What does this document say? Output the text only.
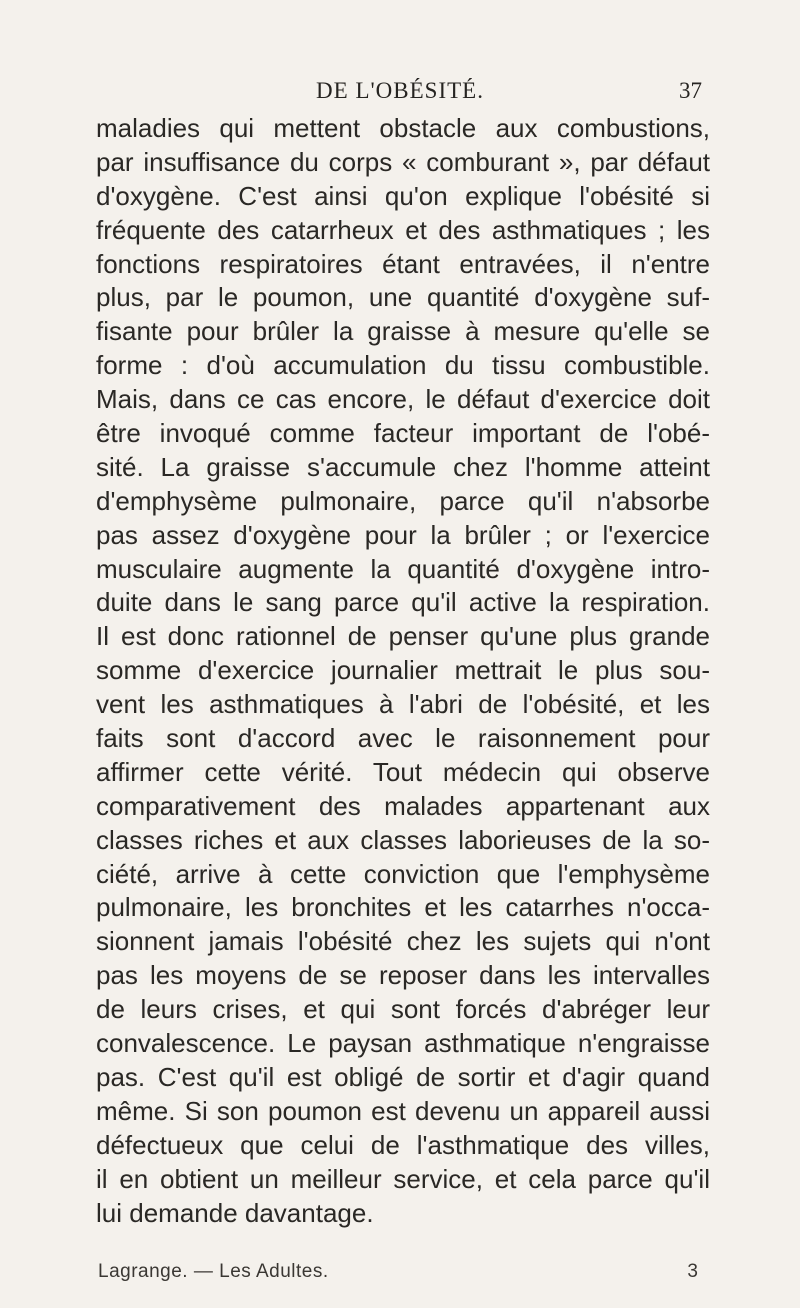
DE L'OBÉSITÉ.	37
maladies qui mettent obstacle aux combustions,
par insuffisance du corps « comburant », par défaut
d'oxygène. C'est ainsi qu'on explique l'obésité si
fréquente des catarrheux et des asthmatiques ; les
fonctions respiratoires étant entravées, il n'entre
plus, par le poumon, une quantité d'oxygène suf-
fisante pour brûler la graisse à mesure qu'elle se
forme : d'où accumulation du tissu combustible.
Mais, dans ce cas encore, le défaut d'exercice doit
être invoqué comme facteur important de l'obé-
sité. La graisse s'accumule chez l'homme atteint
d'emphysème pulmonaire, parce qu'il n'absorbe
pas assez d'oxygène pour la brûler ; or l'exercice
musculaire augmente la quantité d'oxygène intro-
duite dans le sang parce qu'il active la respiration.
Il est donc rationnel de penser qu'une plus grande
somme d'exercice journalier mettrait le plus sou-
vent les asthmatiques à l'abri de l'obésité, et les
faits sont d'accord avec le raisonnement pour
affirmer cette vérité. Tout médecin qui observe
comparativement des malades appartenant aux
classes riches et aux classes laborieuses de la so-
ciété, arrive à cette conviction que l'emphysème
pulmonaire, les bronchites et les catarrhes n'occa-
sionnent jamais l'obésité chez les sujets qui n'ont
pas les moyens de se reposer dans les intervalles
de leurs crises, et qui sont forcés d'abréger leur
convalescence. Le paysan asthmatique n'engraisse
pas. C'est qu'il est obligé de sortir et d'agir quand
même. Si son poumon est devenu un appareil aussi
défectueux que celui de l'asthmatique des villes,
il en obtient un meilleur service, et cela parce qu'il
lui demande davantage.
Lagrange. — Les Adultes.	3
